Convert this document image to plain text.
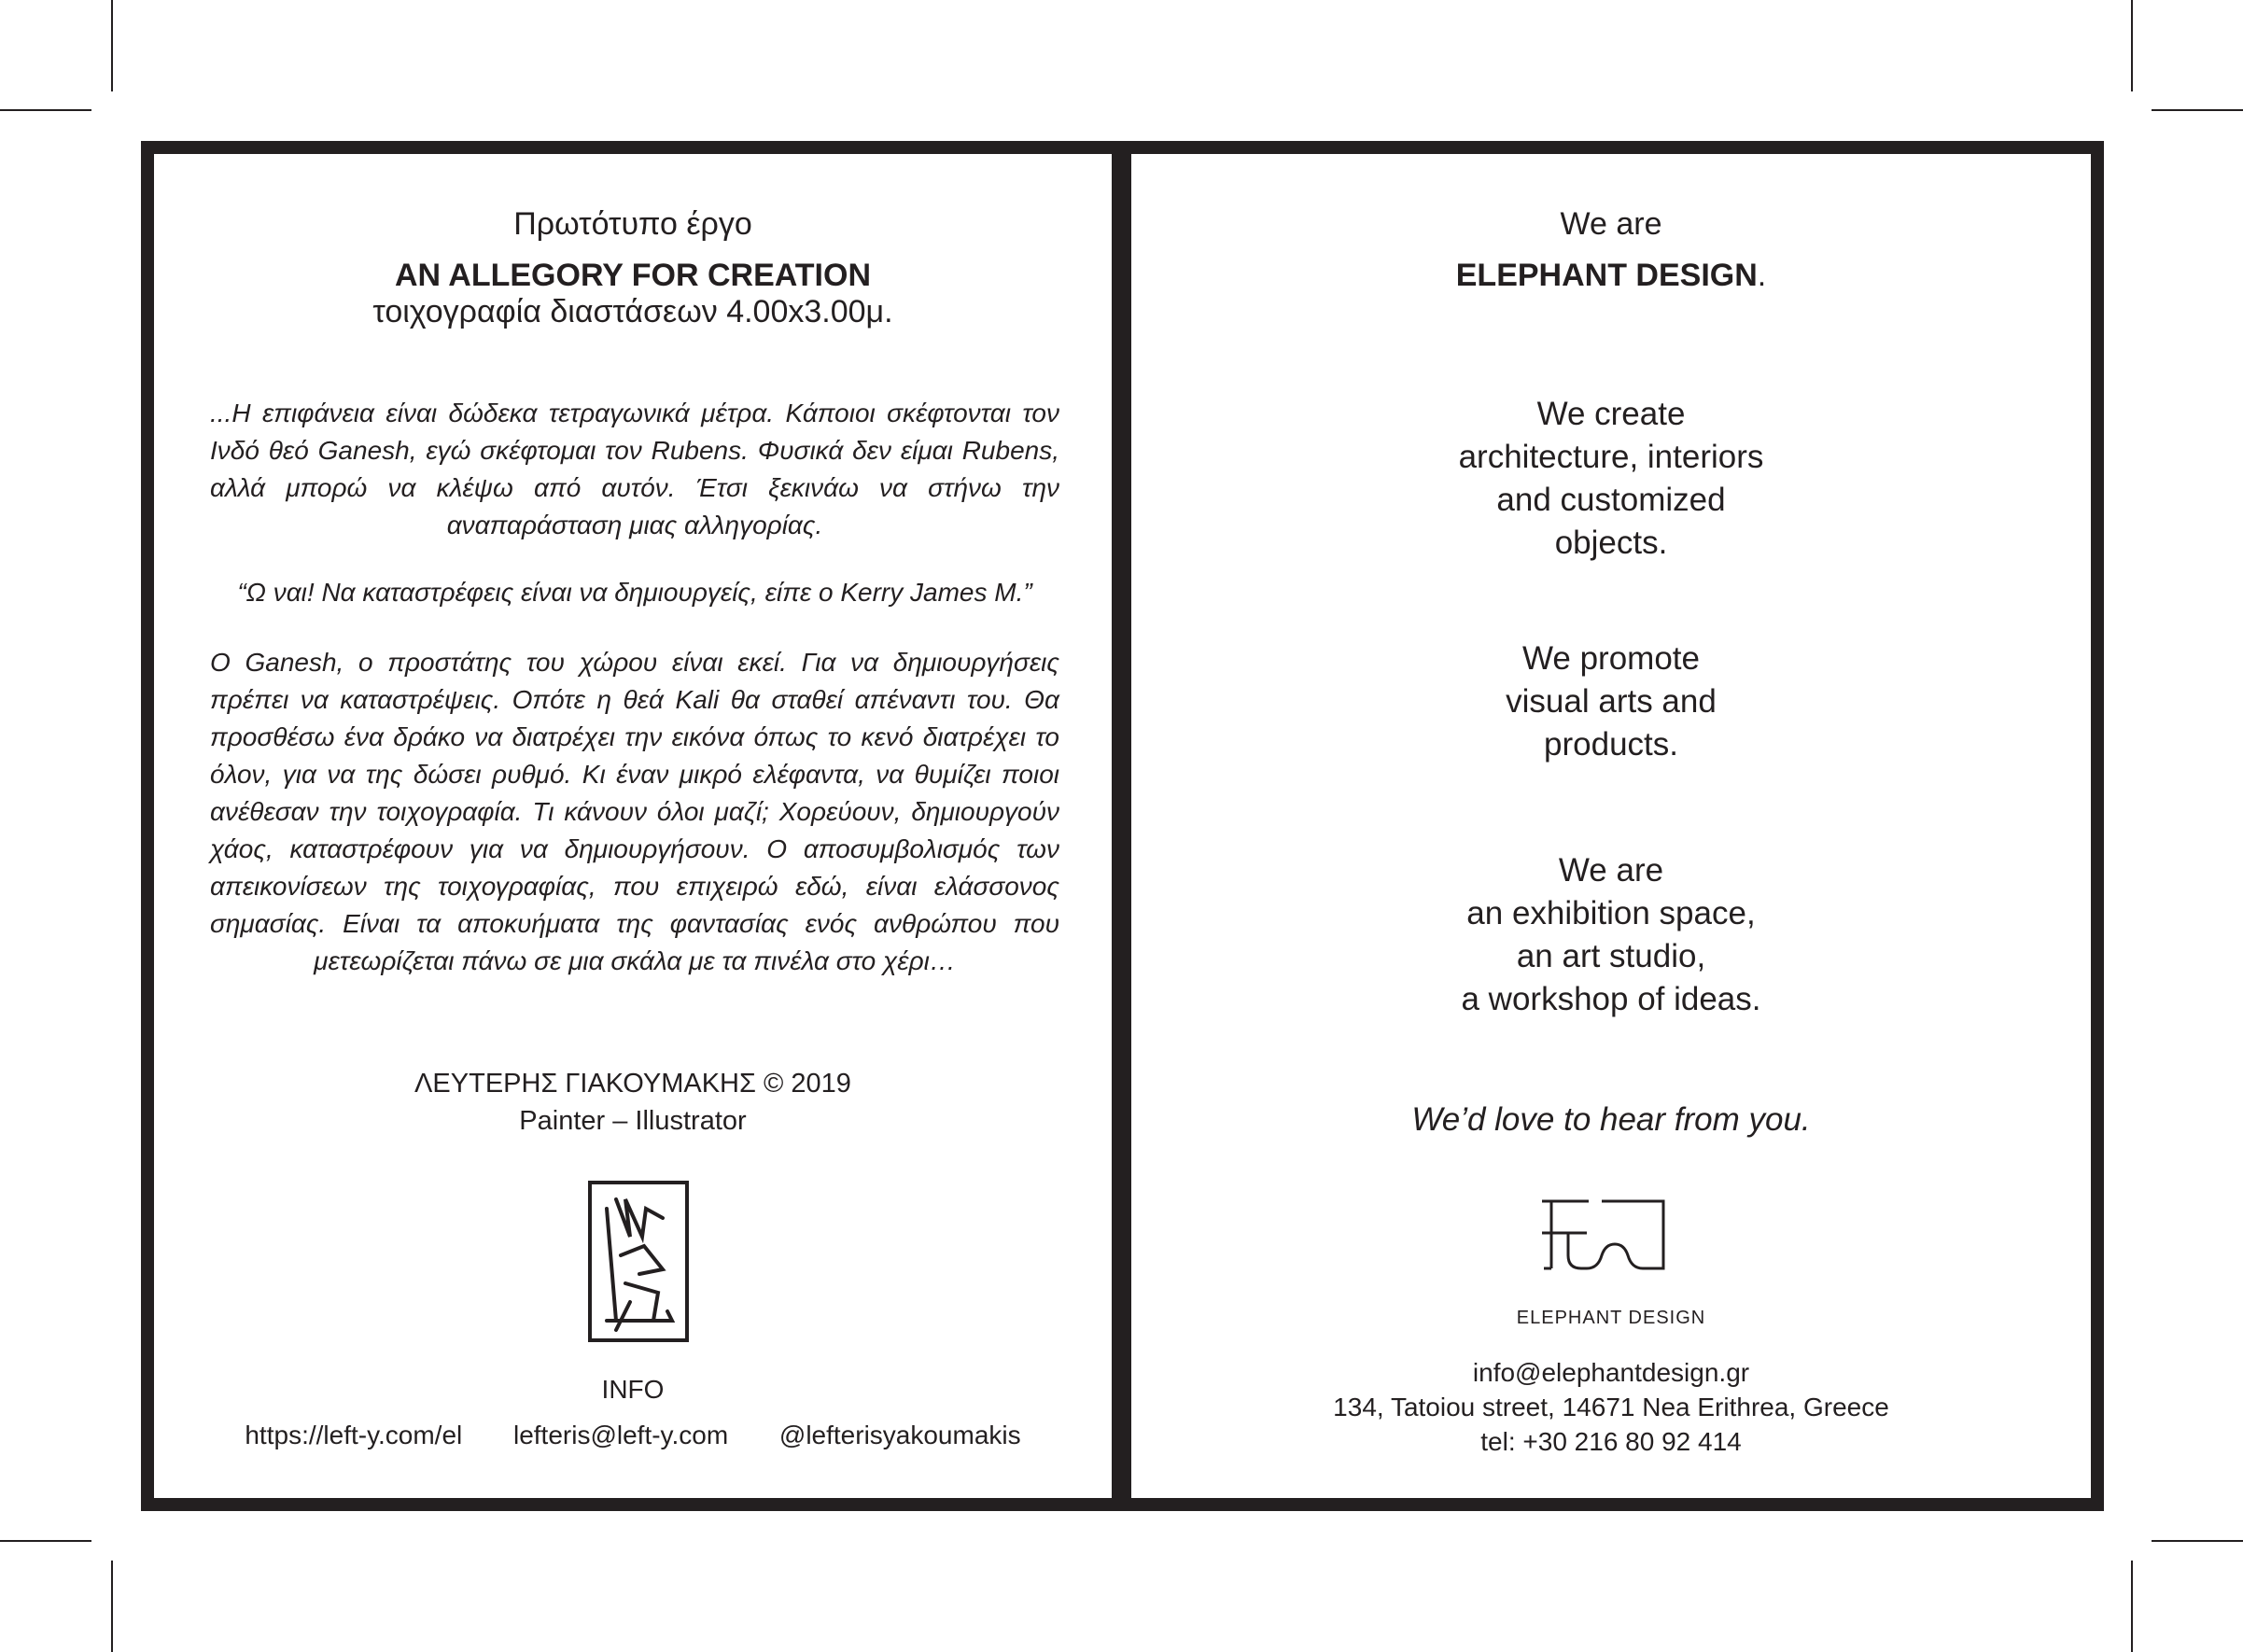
Πρωτότυπο έργο
AN ALLEGORY FOR CREATION
τοιχογραφία διαστάσεων 4.00x3.00μ.
...Η επιφάνεια είναι δώδεκα τετραγωνικά μέτρα. Κάποιοι σκέφτονται τον Ινδό θεό Ganesh, εγώ σκέφτομαι τον Rubens. Φυσικά δεν είμαι Rubens, αλλά μπορώ να κλέψω από αυτόν. Έτσι ξεκινάω να στήνω την αναπαράσταση μιας αλληγορίας.
“Ω ναι! Να καταστρέφεις είναι να δημιουργείς, είπε ο Kerry James M.”
Ο Ganesh, ο προστάτης του χώρου είναι εκεί. Για να δημιουργήσεις πρέπει να καταστρέψεις. Οπότε η θεά Kali θα σταθεί απέναντι του. Θα προσθέσω ένα δράκο να διατρέχει την εικόνα όπως το κενό διατρέχει το όλον, για να της δώσει ρυθμό. Κι έναν μικρό ελέφαντα, να θυμίζει ποιοι ανέθεσαν την τοιχογραφία. Τι κάνουν όλοι μαζί; Χορεύουν, δημιουργούν χάος, καταστρέφουν για να δημιουργήσουν. Ο αποσυμβολισμός των απεικονίσεων της τοιχογραφίας, που επιχειρώ εδώ, είναι ελάσσονος σημασίας. Είναι τα αποκυήματα της φαντασίας ενός ανθρώπου που μετεωρίζεται πάνω σε μια σκάλα με τα πινέλα στο χέρι…
ΛΕΥΤΕΡΗΣ ΓΙΑΚΟΥΜΑΚΗΣ © 2019
Painter – Illustrator
INFO
https://left-y.com/el lefteris@left-y.com @lefterisyakoumakis
We are
ELEPHANT DESIGN.
We create
architecture, interiors
and customized
objects.
We promote
visual arts and
products.
We are
an exhibition space,
an art studio,
a workshop of ideas.
We’d love to hear from you.
ELEPHANT DESIGN
info@elephantdesign.gr
134, Tatoiou street, 14671 Nea Erithrea, Greece
tel: +30 216 80 92 414
